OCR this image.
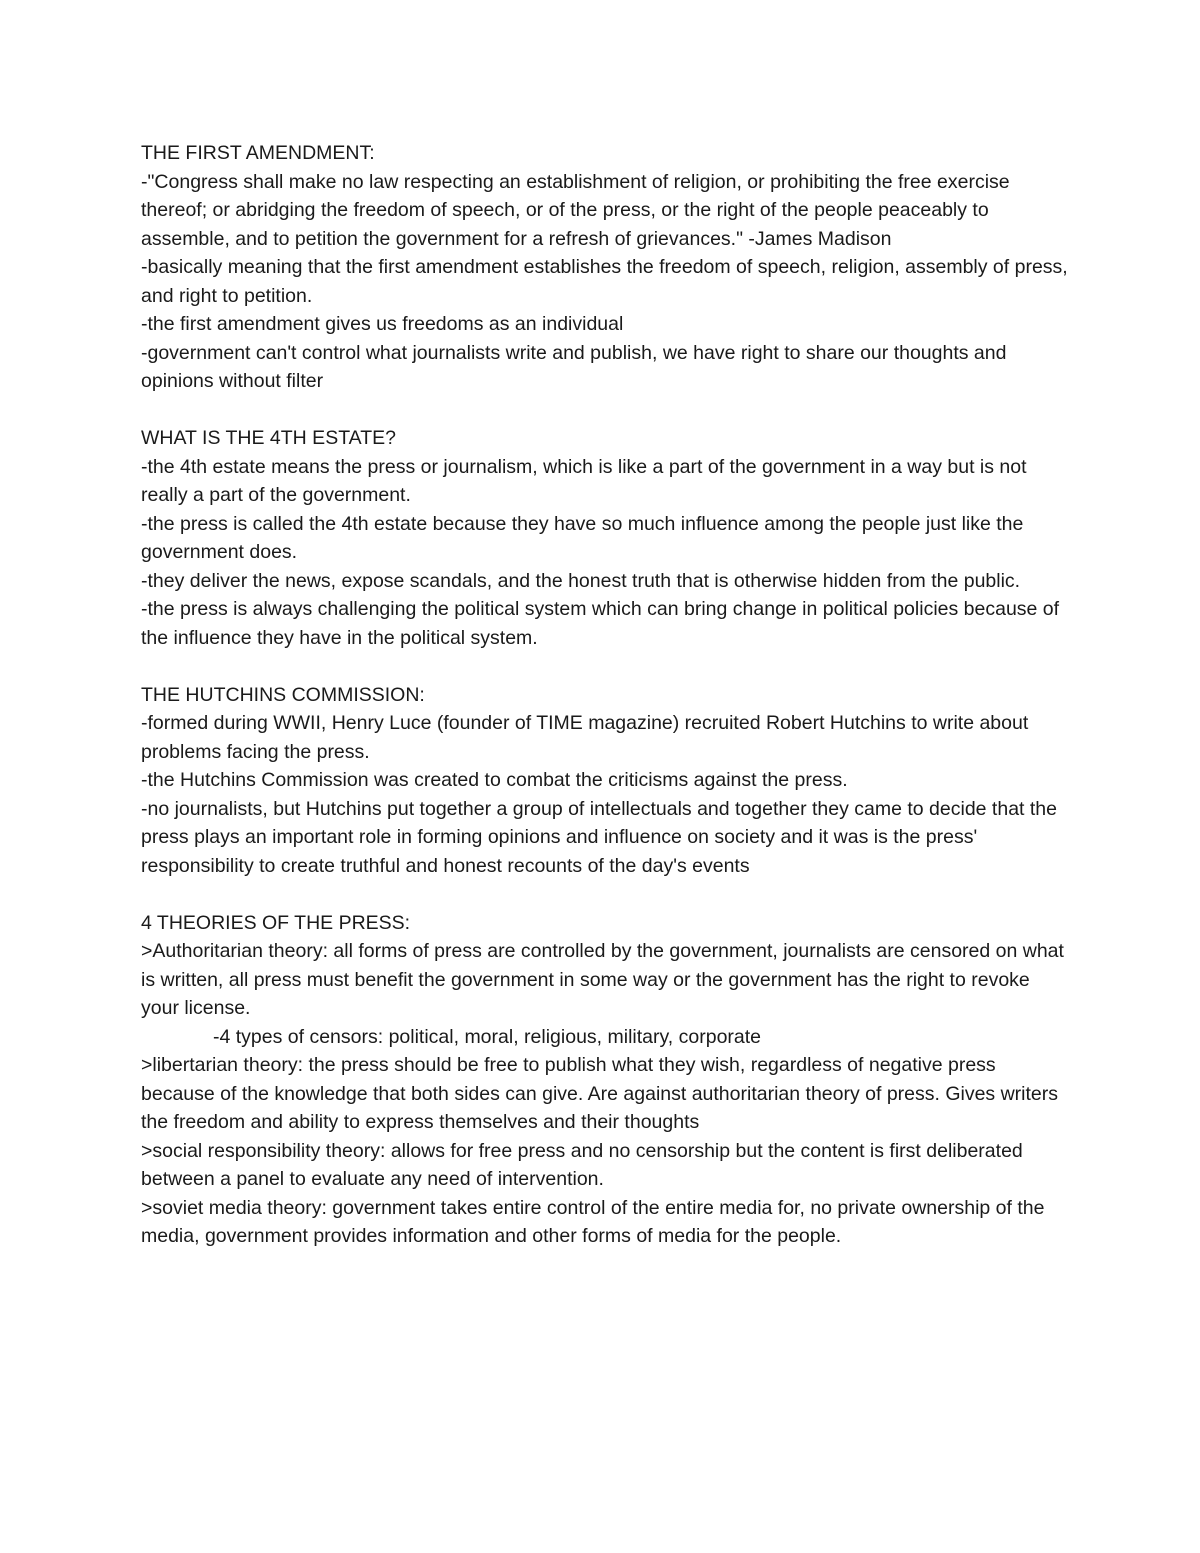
THE FIRST AMENDMENT:

-"Congress shall make no law respecting an establishment of religion, or prohibiting the free exercise thereof; or abridging the freedom of speech, or of the press, or the right of the people peaceably to assemble, and to petition the government for a refresh of grievances." -James Madison

-basically meaning that the first amendment establishes the freedom of speech, religion, assembly of press, and right to petition.

-the first amendment gives us freedoms as an individual

-government can't control what journalists write and publish, we have right to share our thoughts and opinions without filter

WHAT IS THE 4TH ESTATE?

-the 4th estate means the press or journalism, which is like a part of the government in a way but is not really a part of the government.

-the press is called the 4th estate because they have so much influence among the people just like the government does.

-they deliver the news, expose scandals, and the honest truth that is otherwise hidden from the public.

-the press is always challenging the political system which can bring change in political policies because of the influence they have in the political system.

THE HUTCHINS COMMISSION:

-formed during WWII, Henry Luce (founder of TIME magazine) recruited Robert Hutchins to write about problems facing the press.

-the Hutchins Commission was created to combat the criticisms against the press.

-no journalists, but Hutchins put together a group of intellectuals and together they came to decide that the press plays an important role in forming opinions and influence on society and it was is the press' responsibility to create truthful and honest recounts of the day's events

4 THEORIES OF THE PRESS:

>Authoritarian theory: all forms of press are controlled by the government, journalists are censored on what is written, all press must benefit the government in some way or the government has the right to revoke your license.

-4 types of censors: political, moral, religious, military, corporate

>libertarian theory: the press should be free to publish what they wish, regardless of negative press because of the knowledge that both sides can give. Are against authoritarian theory of press. Gives writers the freedom and ability to express themselves and their thoughts

>social responsibility theory: allows for free press and no censorship but the content is first deliberated between a panel to evaluate any need of intervention.

>soviet media theory: government takes entire control of the entire media for, no private ownership of the media, government provides information and other forms of media for the people.
